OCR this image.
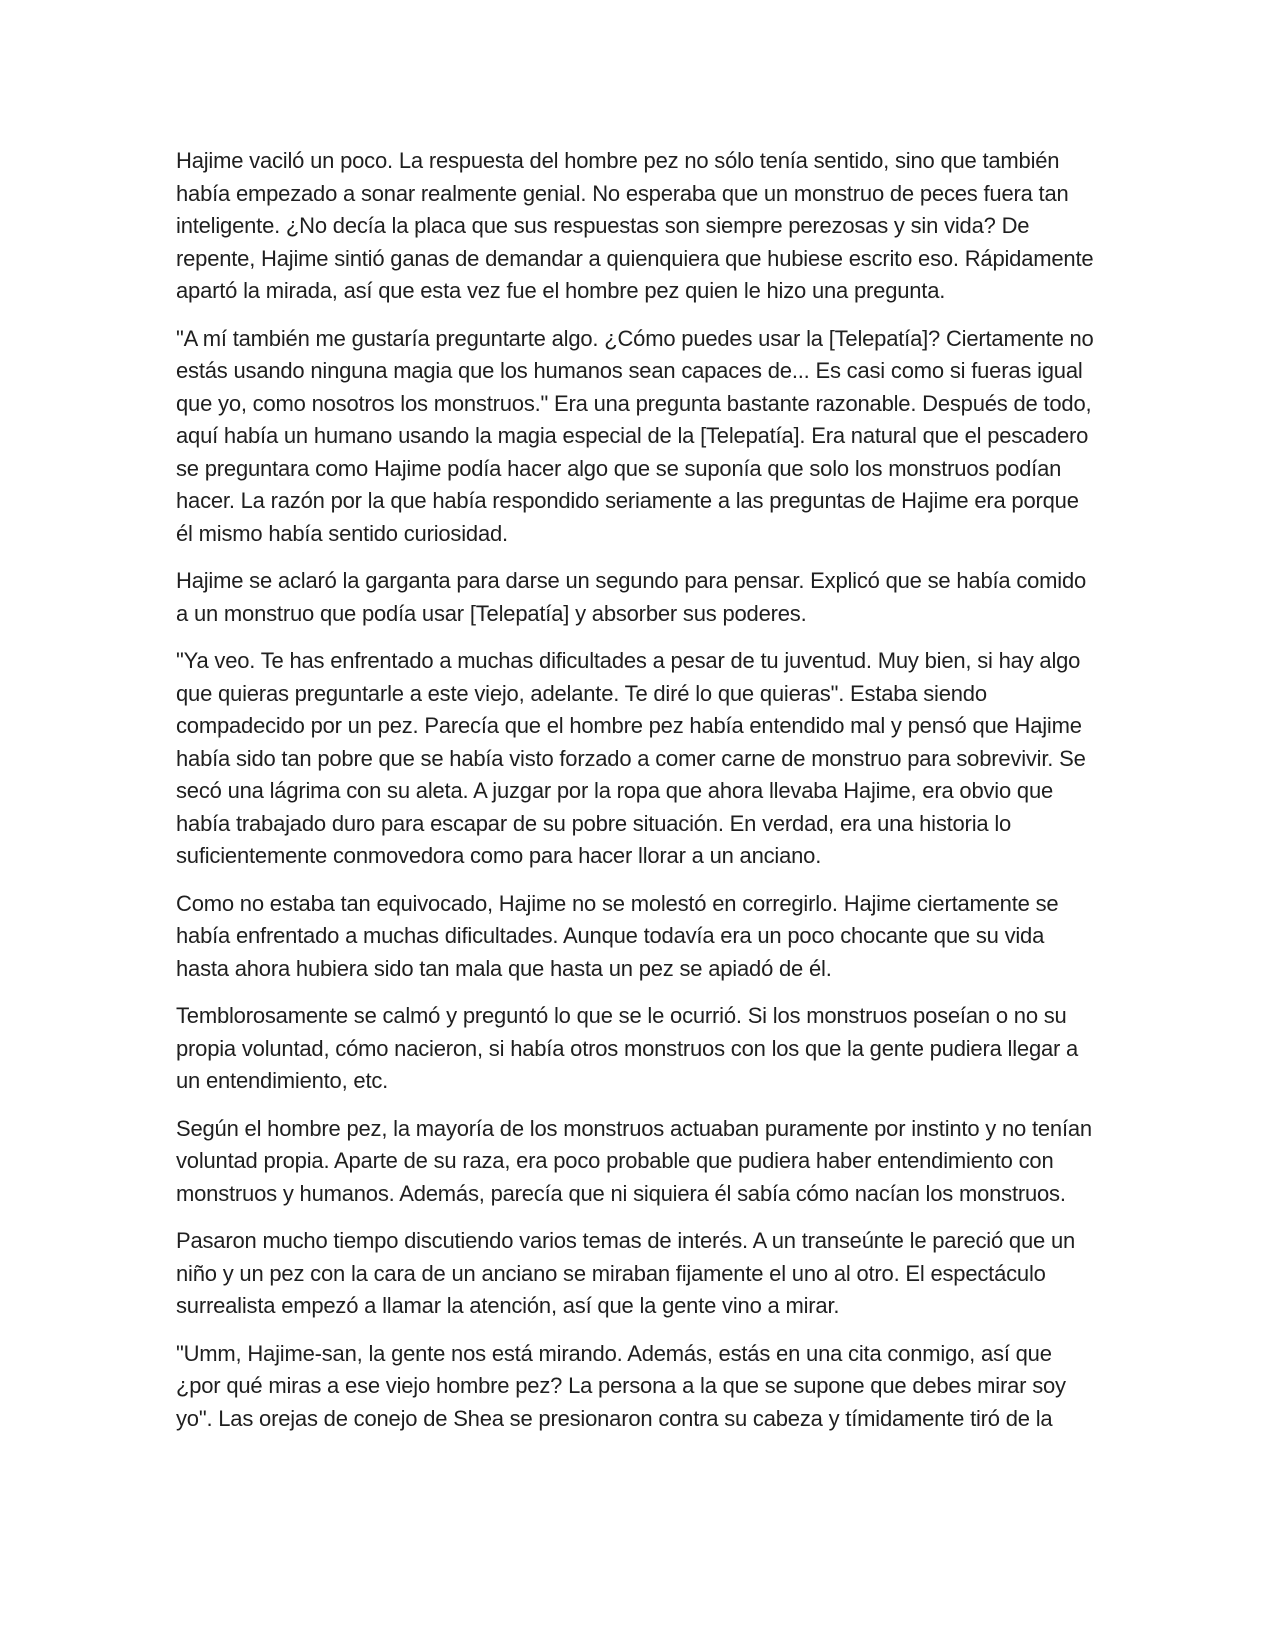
Hajime vaciló un poco. La respuesta del hombre pez no sólo tenía sentido, sino que también había empezado a sonar realmente genial. No esperaba que un monstruo de peces fuera tan inteligente. ¿No decía la placa que sus respuestas son siempre perezosas y sin vida? De repente, Hajime sintió ganas de demandar a quienquiera que hubiese escrito eso. Rápidamente apartó la mirada, así que esta vez fue el hombre pez quien le hizo una pregunta.

"A mí también me gustaría preguntarte algo. ¿Cómo puedes usar la [Telepatía]? Ciertamente no estás usando ninguna magia que los humanos sean capaces de... Es casi como si fueras igual que yo, como nosotros los monstruos." Era una pregunta bastante razonable. Después de todo, aquí había un humano usando la magia especial de la [Telepatía]. Era natural que el pescadero se preguntara como Hajime podía hacer algo que se suponía que solo los monstruos podían hacer. La razón por la que había respondido seriamente a las preguntas de Hajime era porque él mismo había sentido curiosidad.

Hajime se aclaró la garganta para darse un segundo para pensar. Explicó que se había comido a un monstruo que podía usar [Telepatía] y absorber sus poderes.

"Ya veo. Te has enfrentado a muchas dificultades a pesar de tu juventud. Muy bien, si hay algo que quieras preguntarle a este viejo, adelante. Te diré lo que quieras". Estaba siendo compadecido por un pez. Parecía que el hombre pez había entendido mal y pensó que Hajime había sido tan pobre que se había visto forzado a comer carne de monstruo para sobrevivir. Se secó una lágrima con su aleta. A juzgar por la ropa que ahora llevaba Hajime, era obvio que había trabajado duro para escapar de su pobre situación. En verdad, era una historia lo suficientemente conmovedora como para hacer llorar a un anciano.

Como no estaba tan equivocado, Hajime no se molestó en corregirlo. Hajime ciertamente se había enfrentado a muchas dificultades. Aunque todavía era un poco chocante que su vida hasta ahora hubiera sido tan mala que hasta un pez se apiadó de él.

Temblorosamente se calmó y preguntó lo que se le ocurrió. Si los monstruos poseían o no su propia voluntad, cómo nacieron, si había otros monstruos con los que la gente pudiera llegar a un entendimiento, etc.

Según el hombre pez, la mayoría de los monstruos actuaban puramente por instinto y no tenían voluntad propia. Aparte de su raza, era poco probable que pudiera haber entendimiento con monstruos y humanos. Además, parecía que ni siquiera él sabía cómo nacían los monstruos.

Pasaron mucho tiempo discutiendo varios temas de interés. A un transeúnte le pareció que un niño y un pez con la cara de un anciano se miraban fijamente el uno al otro. El espectáculo surrealista empezó a llamar la atención, así que la gente vino a mirar.

"Umm, Hajime-san, la gente nos está mirando. Además, estás en una cita conmigo, así que ¿por qué miras a ese viejo hombre pez? La persona a la que se supone que debes mirar soy yo". Las orejas de conejo de Shea se presionaron contra su cabeza y tímidamente tiró de la
